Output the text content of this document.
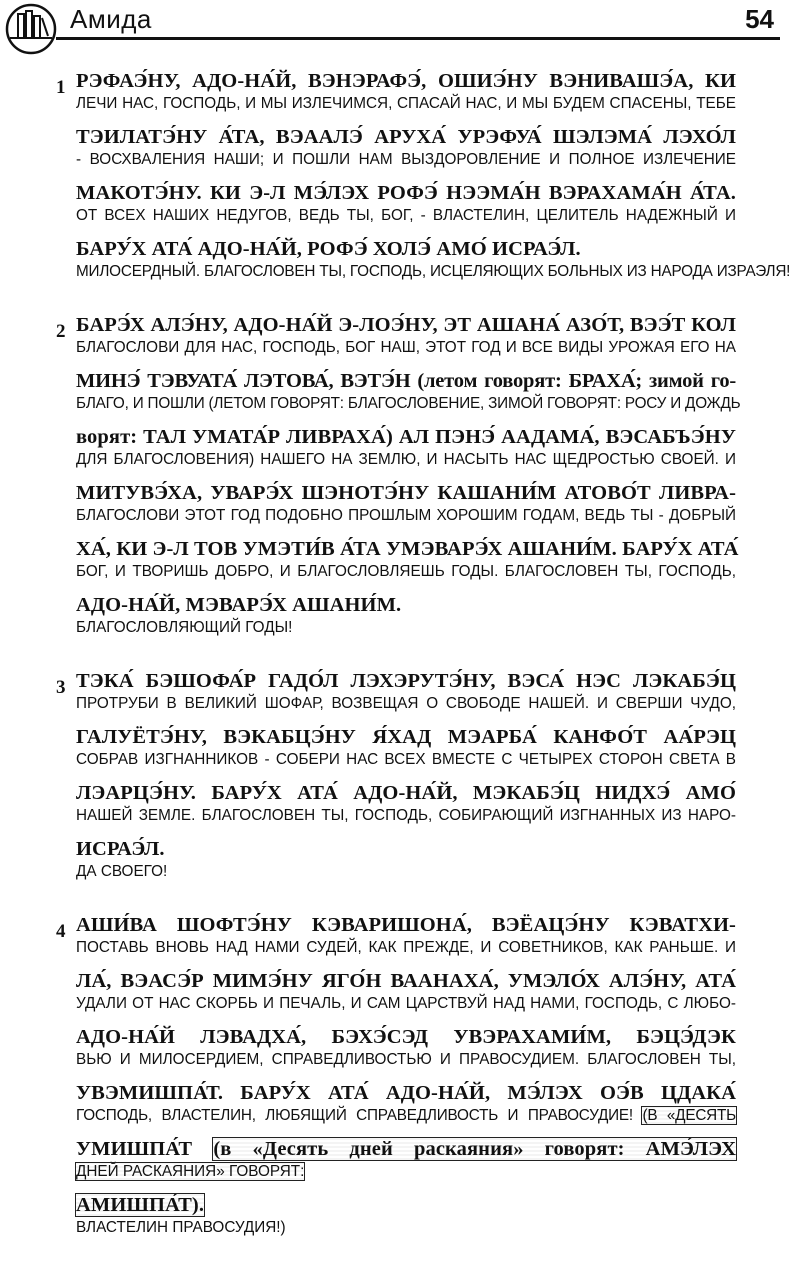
Амида	54
1 РЭФАЭ́НУ, АДО-НА́Й, ВЭНЭРАФЭ́, ОШИЭ́НУ ВЭНИВАШЭ́А, КИ
ЛЕЧИ НАС, ГОСПОДЬ, И МЫ ИЗЛЕЧИМСЯ, СПАСАЙ НАС, И МЫ БУДЕМ СПАСЕНЫ, ТЕБЕ
ТЭИЛАТЭ́НУ А́ТА, ВЭААЛЭ́ АРУХА́ УРЭФУА́ ШЭЛЭМА́ ЛЭХО́Л
- ВОСХВАЛЕНИЯ НАШИ; И ПОШЛИ НАМ ВЫЗДОРОВЛЕНИЕ И ПОЛНОЕ ИЗЛЕЧЕНИЕ
МАКОТЭ́НУ. КИ Э-Л МЭ́ЛЭХ РОФЭ́ НЭЭМА́Н ВЭРАХАМА́Н А́ТА.
ОТ ВСЕХ НАШИХ НЕДУГОВ, ВЕДЬ ТЫ, БОГ, - ВЛАСТЕЛИН, ЦЕЛИТЕЛЬ НАДЕЖНЫЙ И
БАРУ́Х АТА́ АДО-НА́Й, РОФЭ́ ХОЛЭ́ АМО́ ИСРАЭ́Л.
МИЛОСЕРДНЫЙ. БЛАГОСЛОВЕН ТЫ, ГОСПОДЬ, ИСЦЕЛЯЮЩИХ БОЛЬНЫХ ИЗ НАРОДА ИЗРАЭЛЯ!
2 БАРЭ́Х АЛЭ́НУ, АДО-НА́Й Э-ЛОЭ́НУ, ЭТ АШАНА́ АЗО́Т, ВЭЭ́Т КОЛ
БЛАГОСЛОВИ ДЛЯ НАС, ГОСПОДЬ, БОГ НАШ, ЭТОТ ГОД И ВСЕ ВИДЫ УРОЖАЯ ЕГО НА
МИНЭ́ ТЭВУАТА́ ЛЭТОВА́, ВЭТЭ́Н (летом говорят: БРАХА́; зимой го-
БЛАГО, И ПОШЛИ (ЛЕТОМ ГОВОРЯТ: БЛАГОСЛОВЕНИЕ, ЗИМОЙ ГОВОРЯТ: РОСУ И ДОЖДЬ
ворят: ТАЛ УМАТА́Р ЛИВРАХА́) АЛ ПЭНЭ́ ААДАМА́, ВЭСАБЪЭ́НУ
ДЛЯ БЛАГОСЛОВЕНИЯ) НАШЕГО НА ЗЕМЛЮ, И НАСЫТЬ НАС ЩЕДРОСТЬЮ СВОЕЙ. И
МИТУВЭ́ХА, УВАРЭ́Х ШЭНОТЭ́НУ КАШАНИ́М АТОВО́Т ЛИВРА-
БЛАГОСЛОВИ ЭТОТ ГОД ПОДОБНО ПРОШЛЫМ ХОРОШИМ ГОДАМ, ВЕДЬ ТЫ - ДОБРЫЙ
ХА́, КИ Э-Л ТОВ УМЭТИ́В А́ТА УМЭВАРЭ́Х АШАНИ́М. БАРУ́Х АТА́
БОГ, И ТВОРИШЬ ДОБРО, И БЛАГОСЛОВЛЯЕШЬ ГОДЫ. БЛАГОСЛОВЕН ТЫ, ГОСПОДЬ,
АДО-НА́Й, МЭВАРЭ́Х АШАНИ́М.
БЛАГОСЛОВЛЯЮЩИЙ ГОДЫ!
3 ТЭКА́ БЭШОФА́Р ГАДО́Л ЛЭХЭРУТЭ́НУ, ВЭСА́ НЭС ЛЭКАБЭ́Ц
ПРОТРУБИ В ВЕЛИКИЙ ШОФАР, ВОЗВЕЩАЯ О СВОБОДЕ НАШЕЙ. И СВЕРШИ ЧУДО,
ГАЛУЁТЭ́НУ, ВЭКАБЦЭ́НУ Я́ХАД МЭАРБА́ КАНФО́Т АА́РЭЦ
СОБРАВ ИЗГНАННИКОВ - СОБЕРИ НАС ВСЕХ ВМЕСТЕ С ЧЕТЫРЕХ СТОРОН СВЕТА В
ЛЭАРЦЭ́НУ. БАРУ́Х АТА́ АДО-НА́Й, МЭКАБЭ́Ц НИДХЭ́ АМО́
НАШЕЙ ЗЕМЛЕ. БЛАГОСЛОВЕН ТЫ, ГОСПОДЬ, СОБИРАЮЩИЙ ИЗГНАННЫХ ИЗ НАРО-
ИСРАЭ́Л.
ДА СВОЕГО!
4 АШИ́ВА ШОФТЭ́НУ КЭВАРИШОНА́, ВЭЁАЦЭ́НУ КЭВАТХИ-
ПОСТАВЬ ВНОВЬ НАД НАМИ СУДЕЙ, КАК ПРЕЖДЕ, И СОВЕТНИКОВ, КАК РАНЬШЕ. И
ЛА́, ВЭАСЭ́Р МИМЭ́НУ ЯГО́Н ВААНАХА́, УМЭЛО́Х АЛЭ́НУ, АТА́
УДАЛИ ОТ НАС СКОРБЬ И ПЕЧАЛЬ, И САМ ЦАРСТВУЙ НАД НАМИ, ГОСПОДЬ, С ЛЮБО-
АДО-НА́Й ЛЭВАДХА́, БЭХЭ́СЭД УВЭРАХАМИ́М, БЭЦЭ́ДЭК
ВЬЮ И МИЛОСЕРДИЕМ, СПРАВЕДЛИВОСТЬЮ И ПРАВОСУДИЕМ. БЛАГОСЛОВЕН ТЫ,
УВЭМИШПА́Т. БАРУ́Х АТА́ АДО-НА́Й, МЭ́ЛЭХ ОЭ́В ЦДАКА́
ГОСПОДЬ, ВЛАСТЕЛИН, ЛЮБЯЩИЙ СПРАВЕДЛИВОСТЬ И ПРАВОСУДИЕ! (В «ДЕСЯТЬ
УМИШПА́Т (в «Десять дней раскаяния» говорят: АМЭ́ЛЭХ
ДНЕЙ РАСКАЯНИЯ» ГОВОРЯТ:
АМИШПА́Т).
ВЛАСТЕЛИН ПРАВОСУДИЯ!)
